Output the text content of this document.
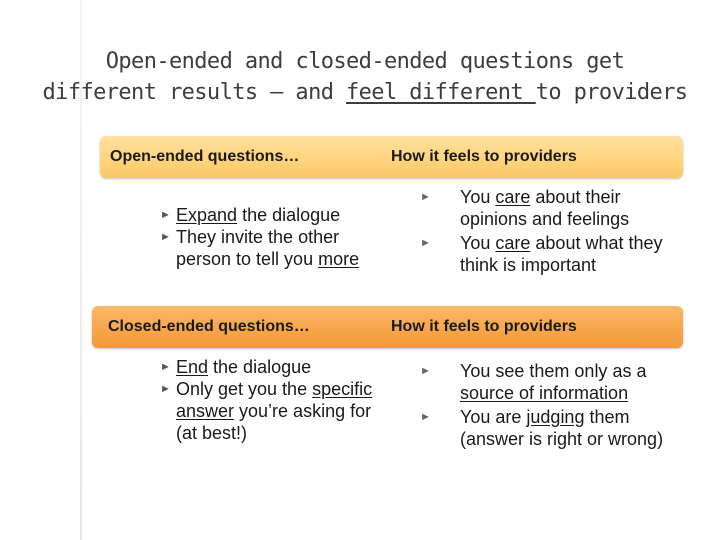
Open-ended and closed-ended questions get
different results – and feel different to providers
Open-ended questions…	How it feels to providers
► Expand the dialogue
► They invite the other person to tell you more
► You care about their opinions and feelings
► You care about what they think is important
Closed-ended questions…	How it feels to providers
► End the dialogue
► Only get you the specific answer you’re asking for (at best!)
► You see them only as a source of information
► You are judging them (answer is right or wrong)
